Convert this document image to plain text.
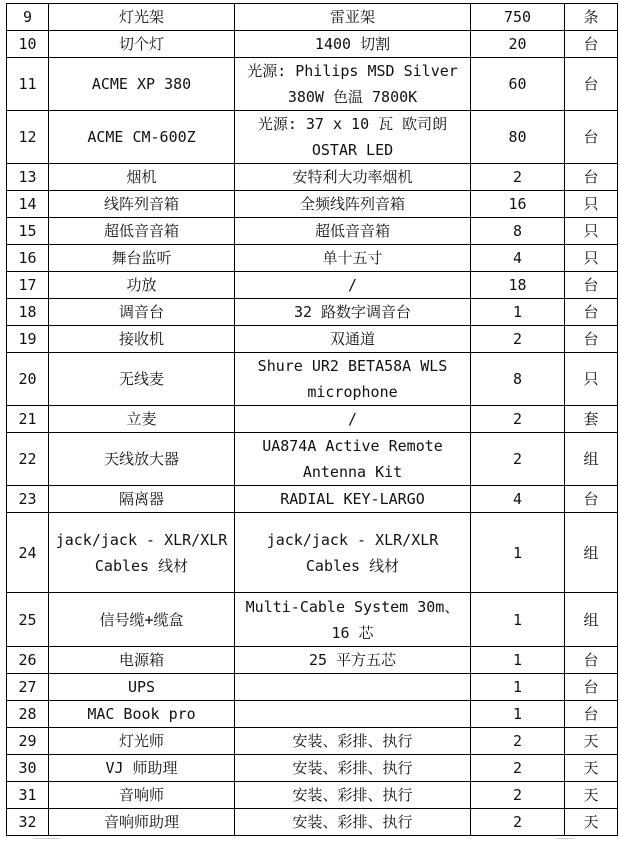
9	灯光架	雷亚架	750	条
10	切个灯	1400 切割	20	台
11	ACME XP 380	光源: Philips MSD Silver 380W 色温 7800K	60	台
12	ACME CM-600Z	光源: 37 x 10 瓦 欧司朗 OSTAR LED	80	台
13	烟机	安特利大功率烟机	2	台
14	线阵列音箱	全频线阵列音箱	16	只
15	超低音音箱	超低音音箱	8	只
16	舞台监听	单十五寸	4	只
17	功放	/	18	台
18	调音台	32 路数字调音台	1	台
19	接收机	双通道	2	台
20	无线麦	Shure UR2 BETA58A WLS microphone	8	只
21	立麦	/	2	套
22	天线放大器	UA874A Active Remote Antenna Kit	2	组
23	隔离器	RADIAL KEY-LARGO	4	台
24	jack/jack - XLR/XLR Cables 线材	jack/jack - XLR/XLR Cables 线材	1	组
25	信号缆+缆盒	Multi-Cable System 30m、16 芯	1	组
26	电源箱	25 平方五芯	1	台
27	UPS		1	台
28	MAC Book pro		1	台
29	灯光师	安装、彩排、执行	2	天
30	VJ 师助理	安装、彩排、执行	2	天
31	音响师	安装、彩排、执行	2	天
32	音响师助理	安装、彩排、执行	2	天
